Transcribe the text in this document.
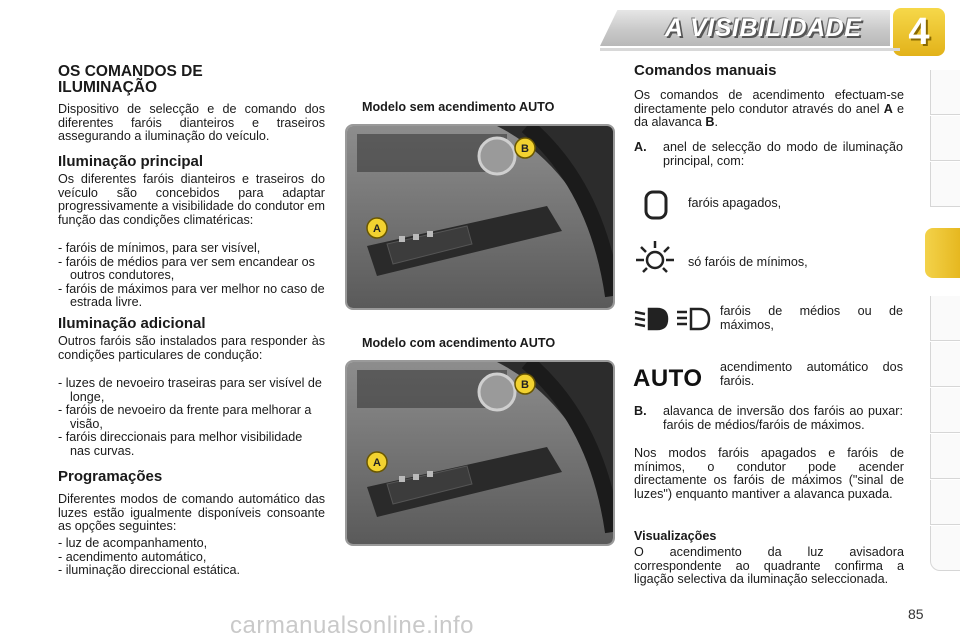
A VISIBILIDADE	4
OS COMANDOS DE ILUMINAÇÃO

Dispositivo de selecção e de comando dos diferentes faróis dianteiros e traseiros assegurando a iluminação do veículo.

Iluminação principal

Os diferentes faróis dianteiros e traseiros do veículo são concebidos para adaptar progressivamente a visibilidade do condutor em função das condições climatéricas:

- faróis de mínimos, para ser visível,
- faróis de médios para ver sem encandear os outros condutores,
- faróis de máximos para ver melhor no caso de estrada livre.
Iluminação adicional

Outros faróis são instalados para responder às condições particulares de condução:

- luzes de nevoeiro traseiras para ser visível de longe,
- faróis de nevoeiro da frente para melhorar a visão,
- faróis direccionais para melhor visibilidade nas curvas.
Programações

Diferentes modos de comando automático das luzes estão igualmente disponíveis consoante as opções seguintes:

- luz de acompanhamento,
- acendimento automático,
- iluminação direccional estática.
Modelo sem acendimento AUTO
A
B
Modelo com acendimento AUTO
A
B
Comandos manuais

Os comandos de acendimento efectuam-se directamente pelo condutor através do anel A e da alavanca B.

A.	anel de selecção do modo de iluminação principal, com:
faróis apagados,
só faróis de mínimos,
faróis de médios ou de máximos,
AUTO acendimento automático dos faróis.
B.	alavanca de inversão dos faróis ao puxar: faróis de médios/faróis de máximos.

Nos modos faróis apagados e faróis de mínimos, o condutor pode acender directamente os faróis de máximos ("sinal de luzes") enquanto mantiver a alavanca puxada.

Visualizações

O acendimento da luz avisadora correspondente ao quadrante confirma a ligação selectiva da iluminação seleccionada.

carmanualsonline.info	85
